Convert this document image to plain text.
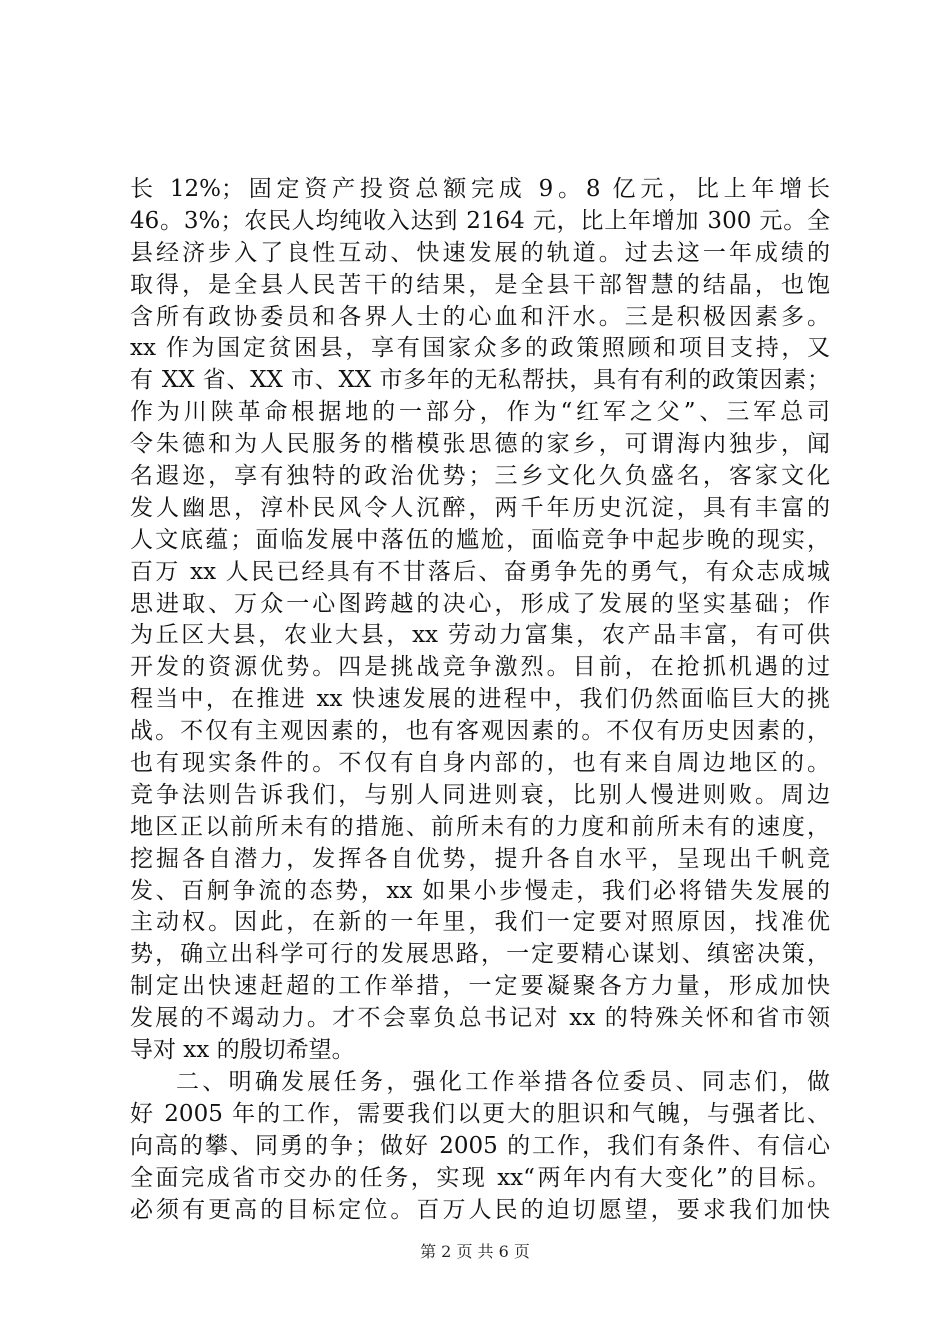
长 12%；固定资产投资总额完成 9。8 亿元，比上年增长
46。3%；农民人均纯收入达到 2164 元，比上年增加 300 元。全
县经济步入了良性互动、快速发展的轨道。过去这一年成绩的
取得，是全县人民苦干的结果，是全县干部智慧的结晶，也饱
含所有政协委员和各界人士的心血和汗水。三是积极因素多。
xx 作为国定贫困县，享有国家众多的政策照顾和项目支持，又
有 XX 省、XX 市、XX 市多年的无私帮扶，具有有利的政策因素；
作为川陕革命根据地的一部分，作为“红军之父”、三军总司
令朱德和为人民服务的楷模张思德的家乡，可谓海内独步，闻
名遐迩，享有独特的政治优势；三乡文化久负盛名，客家文化
发人幽思，淳朴民风令人沉醉，两千年历史沉淀，具有丰富的
人文底蕴；面临发展中落伍的尴尬，面临竞争中起步晚的现实，
百万 xx 人民已经具有不甘落后、奋勇争先的勇气，有众志成城
思进取、万众一心图跨越的决心，形成了发展的坚实基础；作
为丘区大县，农业大县，xx 劳动力富集，农产品丰富，有可供
开发的资源优势。四是挑战竞争激烈。目前，在抢抓机遇的过
程当中，在推进 xx 快速发展的进程中，我们仍然面临巨大的挑
战。不仅有主观因素的，也有客观因素的。不仅有历史因素的，
也有现实条件的。不仅有自身内部的，也有来自周边地区的。
竞争法则告诉我们，与别人同进则衰，比别人慢进则败。周边
地区正以前所未有的措施、前所未有的力度和前所未有的速度，
挖掘各自潜力，发挥各自优势，提升各自水平，呈现出千帆竞
发、百舸争流的态势，xx 如果小步慢走，我们必将错失发展的
主动权。因此，在新的一年里，我们一定要对照原因，找准优
势，确立出科学可行的发展思路，一定要精心谋划、缜密决策，
制定出快速赶超的工作举措，一定要凝聚各方力量，形成加快
发展的不竭动力。才不会辜负总书记对 xx 的特殊关怀和省市领
导对 xx 的殷切希望。
二、明确发展任务，强化工作举措各位委员、同志们，做
好 2005 年的工作，需要我们以更大的胆识和气魄，与强者比、
向高的攀、同勇的争；做好 2005 的工作，我们有条件、有信心
全面完成省市交办的任务，实现 xx“两年内有大变化”的目标。
必须有更高的目标定位。百万人民的迫切愿望，要求我们加快
第 2 页 共 6 页
